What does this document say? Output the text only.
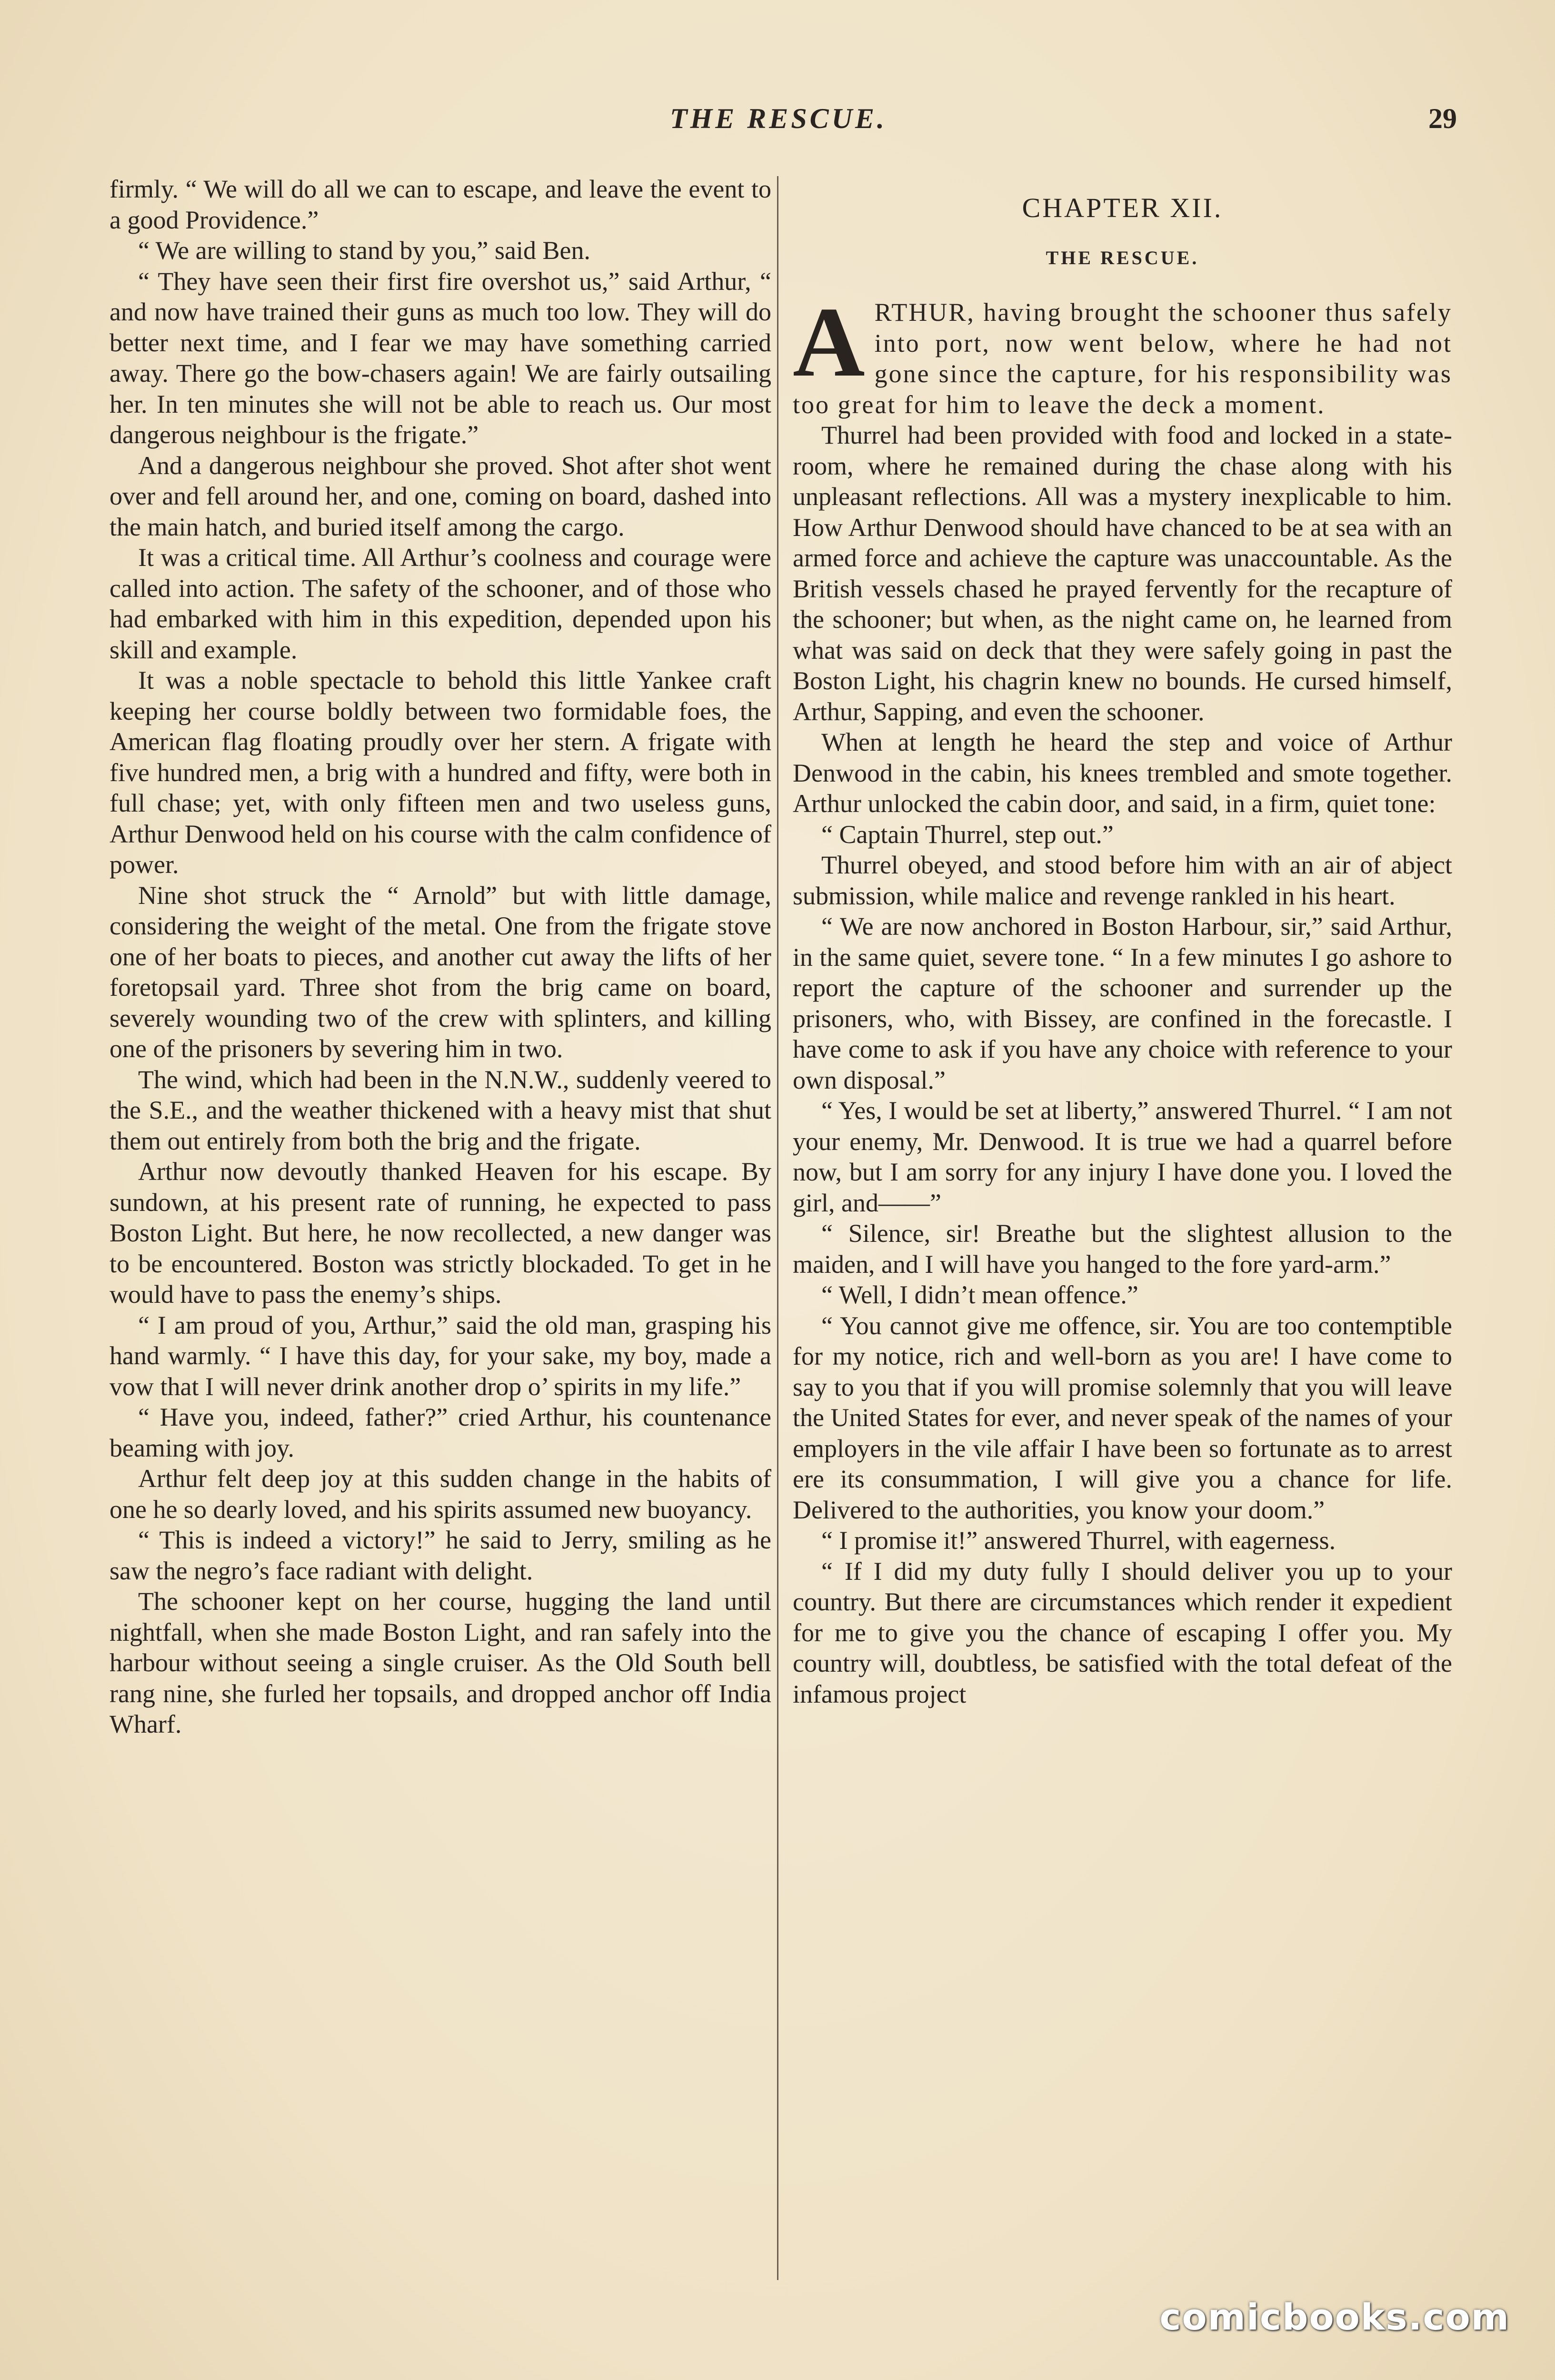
THE RESCUE.	29

firmly. “ We will do all we can to escape, and leave the event to a good Providence.”

“ We are willing to stand by you,” said Ben.

“ They have seen their first fire overshot us,” said Arthur, “ and now have trained their guns as much too low. They will do better next time, and I fear we may have something carried away. There go the bow-chasers again! We are fairly outsailing her. In ten minutes she will not be able to reach us. Our most dangerous neighbour is the frigate.”

And a dangerous neighbour she proved. Shot after shot went over and fell around her, and one, coming on board, dashed into the main hatch, and buried itself among the cargo.

It was a critical time. All Arthur’s coolness and courage were called into action. The safety of the schooner, and of those who had embarked with him in this expedition, depended upon his skill and example.

It was a noble spectacle to behold this little Yankee craft keeping her course boldly between two formidable foes, the American flag floating proudly over her stern. A frigate with five hundred men, a brig with a hundred and fifty, were both in full chase; yet, with only fifteen men and two useless guns, Arthur Denwood held on his course with the calm confidence of power.

Nine shot struck the “ Arnold” but with little damage, considering the weight of the metal. One from the frigate stove one of her boats to pieces, and another cut away the lifts of her foretopsail yard. Three shot from the brig came on board, severely wounding two of the crew with splinters, and killing one of the prisoners by severing him in two.

The wind, which had been in the N.N.W., suddenly veered to the S.E., and the weather thickened with a heavy mist that shut them out entirely from both the brig and the frigate.

Arthur now devoutly thanked Heaven for his escape. By sundown, at his present rate of running, he expected to pass Boston Light. But here, he now recollected, a new danger was to be encountered. Boston was strictly blockaded. To get in he would have to pass the enemy’s ships.

“ I am proud of you, Arthur,” said the old man, grasping his hand warmly. “ I have this day, for your sake, my boy, made a vow that I will never drink another drop o’ spirits in my life.”

“ Have you, indeed, father?” cried Arthur, his countenance beaming with joy.

Arthur felt deep joy at this sudden change in the habits of one he so dearly loved, and his spirits assumed new buoyancy.

“ This is indeed a victory!” he said to Jerry, smiling as he saw the negro’s face radiant with delight.

The schooner kept on her course, hugging the land until nightfall, when she made Boston Light, and ran safely into the harbour without seeing a single cruiser. As the Old South bell rang nine, she furled her topsails, and dropped anchor off India Wharf.

CHAPTER XII.
THE RESCUE.

ARTHUR, having brought the schooner thus safely into port, now went below, where he had not gone since the capture, for his responsibility was too great for him to leave the deck a moment.

Thurrel had been provided with food and locked in a state-room, where he remained during the chase along with his unpleasant reflections. All was a mystery inexplicable to him. How Arthur Denwood should have chanced to be at sea with an armed force and achieve the capture was unaccountable. As the British vessels chased he prayed fervently for the recapture of the schooner; but when, as the night came on, he learned from what was said on deck that they were safely going in past the Boston Light, his chagrin knew no bounds. He cursed himself, Arthur, Sapping, and even the schooner.

When at length he heard the step and voice of Arthur Denwood in the cabin, his knees trembled and smote together. Arthur unlocked the cabin door, and said, in a firm, quiet tone:

“ Captain Thurrel, step out.”

Thurrel obeyed, and stood before him with an air of abject submission, while malice and revenge rankled in his heart.

“ We are now anchored in Boston Harbour, sir,” said Arthur, in the same quiet, severe tone. “ In a few minutes I go ashore to report the capture of the schooner and surrender up the prisoners, who, with Bissey, are confined in the forecastle. I have come to ask if you have any choice with reference to your own disposal.”

“ Yes, I would be set at liberty,” answered Thurrel. “ I am not your enemy, Mr. Denwood. It is true we had a quarrel before now, but I am sorry for any injury I have done you. I loved the girl, and——”

“ Silence, sir! Breathe but the slightest allusion to the maiden, and I will have you hanged to the fore yard-arm.”

“ Well, I didn’t mean offence.”

“ You cannot give me offence, sir. You are too contemptible for my notice, rich and well-born as you are! I have come to say to you that if you will promise solemnly that you will leave the United States for ever, and never speak of the names of your employers in the vile affair I have been so fortunate as to arrest ere its consummation, I will give you a chance for life. Delivered to the authorities, you know your doom.”

“ I promise it!” answered Thurrel, with eagerness.

“ If I did my duty fully I should deliver you up to your country. But there are circumstances which render it expedient for me to give you the chance of escaping I offer you. My country will, doubtless, be satisfied with the total defeat of the infamous project

comicbooks.com
